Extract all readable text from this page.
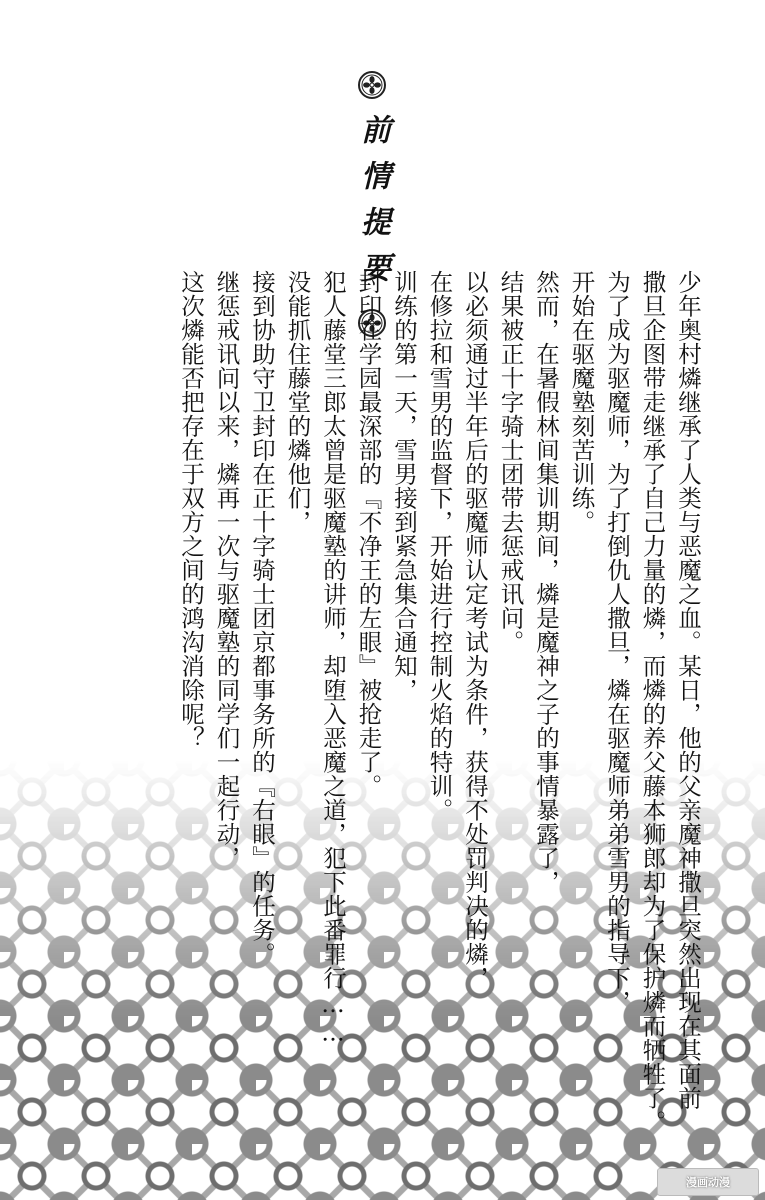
前情提要

少年奥村燐继承了人类与恶魔之血。某日，他的父亲魔神撒旦突然出现在其面前

撒旦企图带走继承了自己力量的燐，而燐的养父藤本狮郎却为了保护燐而牺牲了。

为了成为驱魔师，为了打倒仇人撒旦，燐在驱魔师弟弟雪男的指导下，

开始在驱魔塾刻苦训练。

然而，在暑假林间集训期间，燐是魔神之子的事情暴露了，

结果被正十字骑士团带去惩戒讯问。

以必须通过半年后的驱魔师认定考试为条件，获得不处罚判决的燐，

在修拉和雪男的监督下，开始进行控制火焰的特训。

训练的第一天，雪男接到紧急集合通知，

封印在学园最深部的『不净王的左眼』被抢走了。

犯人藤堂三郎太曾是驱魔塾的讲师，却堕入恶魔之道，犯下此番罪行……

没能抓住藤堂的燐他们，

接到协助守卫封印在正十字骑士团京都事务所的『右眼』的任务。

继惩戒讯问以来，燐再一次与驱魔塾的同学们一起行动，

这次燐能否把存在于双方之间的鸿沟消除呢？

漫画动漫
